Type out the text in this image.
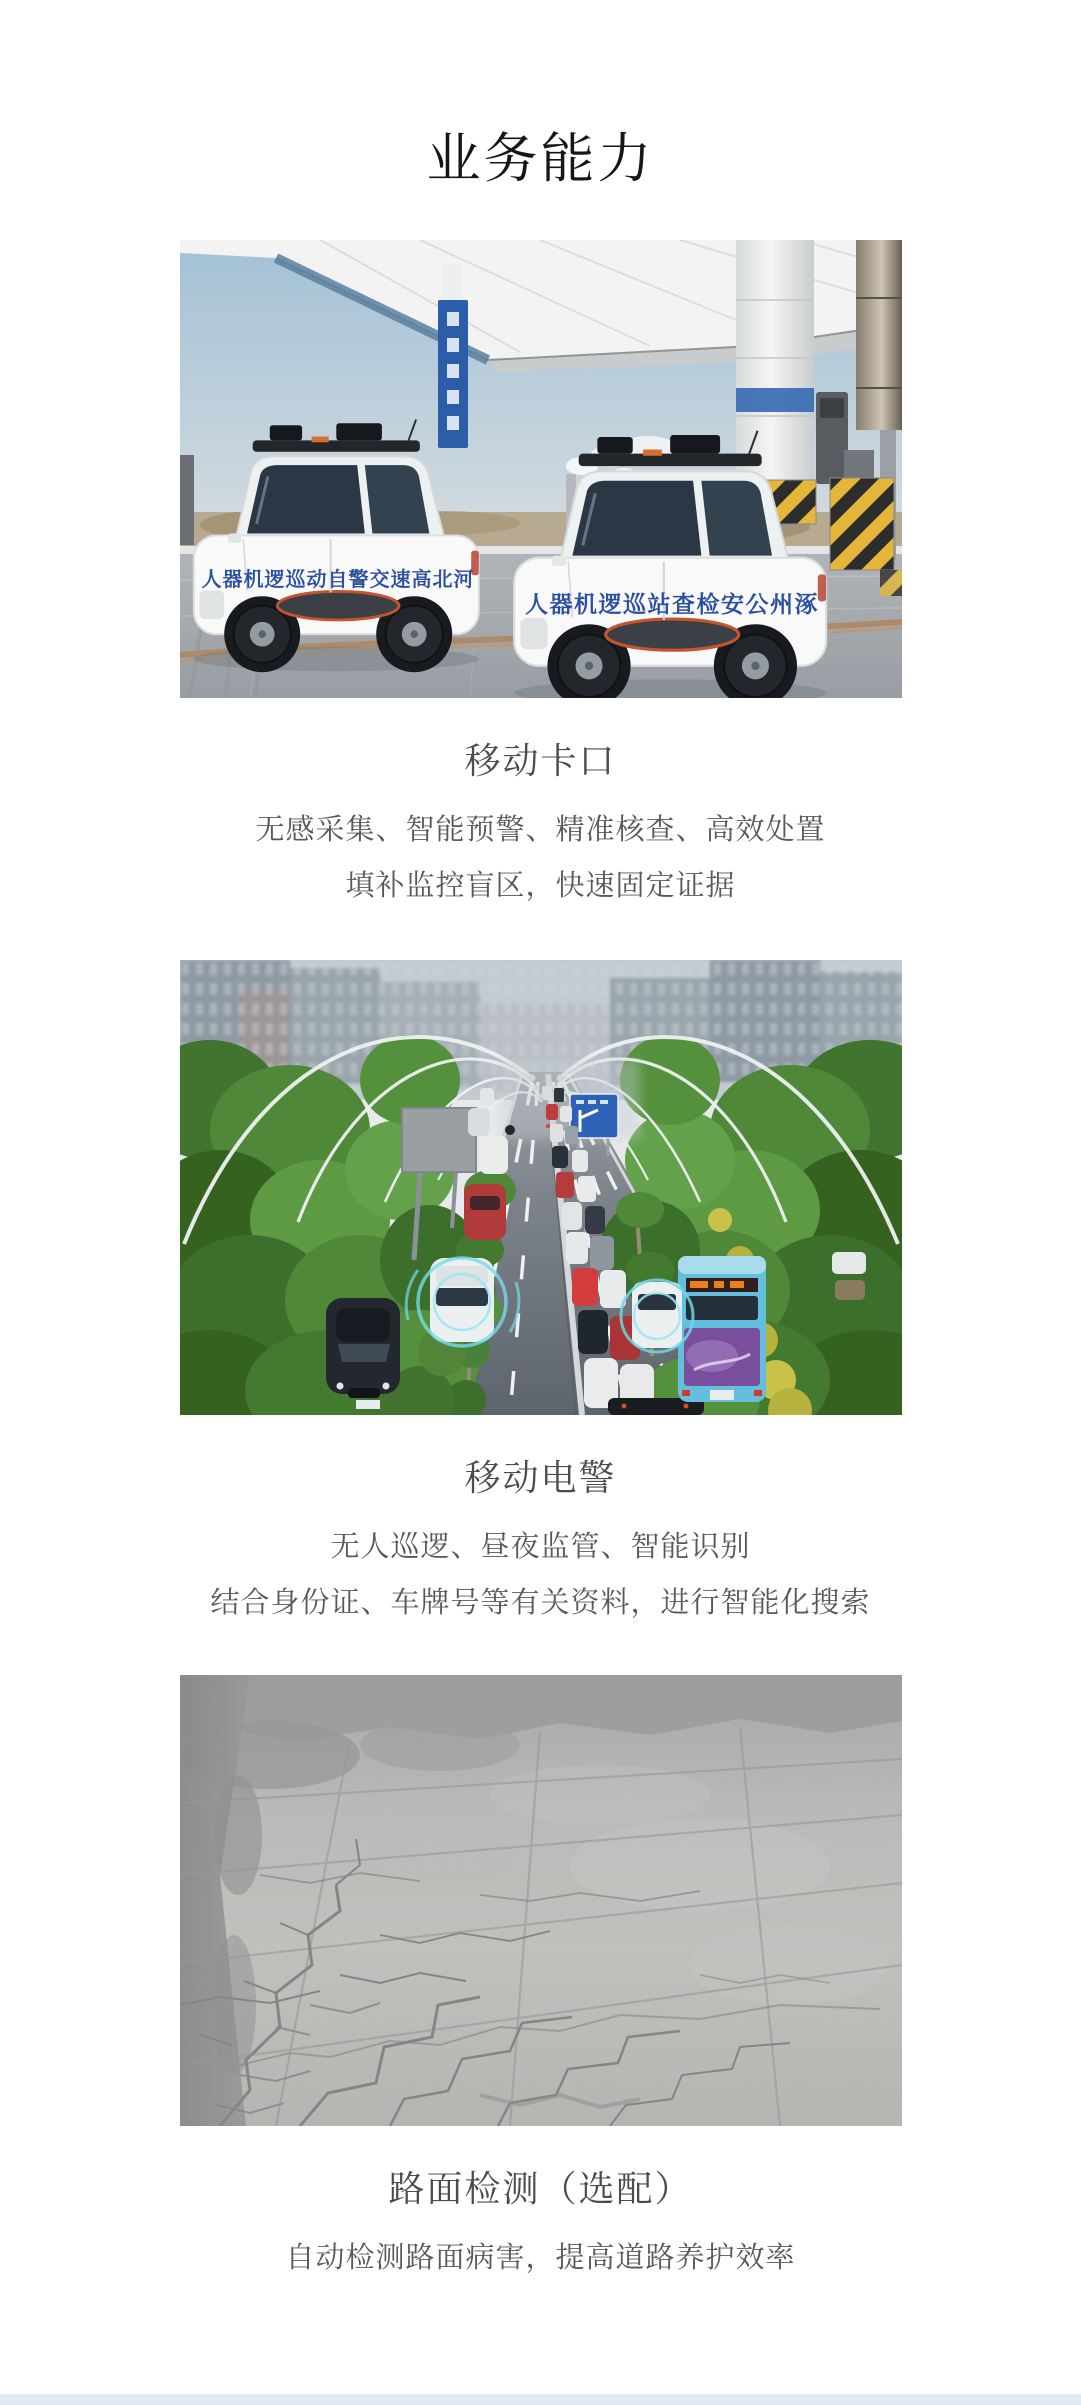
业务能力
人器机逻巡动自警交速高北河
人器机逻巡站查检安公州涿
移动卡口

无感采集、智能预警、精准核查、高效处置

填补监控盲区，快速固定证据

移动电警

无人巡逻、昼夜监管、智能识别

结合身份证、车牌号等有关资料，进行智能化搜索

路面检测（选配）

自动检测路面病害，提高道路养护效率
